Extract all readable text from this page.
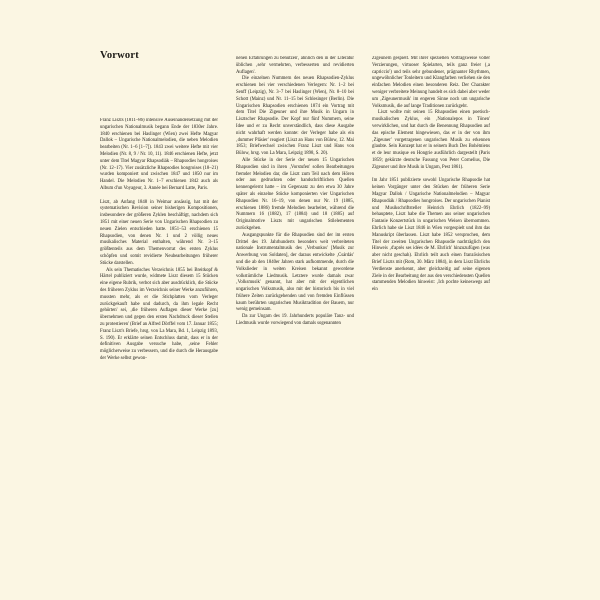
Vorwort

Franz Liszts (1811–86) intensive Auseinandersetzung mit der ungarischen Nationalmusik begann Ende der 1830er Jahre. 1840 erschienen bei Haslinger (Wien) zwei Hefte Magyar Dallok – Ungarische Nationalmelodien, die neben Melodien bearbeiten (Nr. 1–6 [1–7]). 1843 zwei weitere Hefte mit vier Melodien (Nr. 8, 9 / Nr. 10, 11). 1846 erschienen Hefte, jetzt unter dem Titel Magyar Rhapsodiák – Rhapsodies hongroises (Nr. 12–17). Vier zusätzliche Rhapsodies hongroises (18–21) wurden komponiert und zwischen 1847 und 1850 nur im Handel. Die Melodien Nr. 1–7 erschienen 1842 auch als Album d'un Voyageur, 3. Année bei Bernard Latte, Paris.

Liszt, ab Anfang 1848 in Weimar ansässig, hat mit der systematischen Revision seiner bisherigen Kompositionen, insbesondere der größeren Zyklen beschäftigt, nachdem sich 1851 mit einer neuen Serie von Ungarischen Rhapsodien zu neuen Zielen entschieden hatte. 1851–53 erschienen 15 Rhapsodien, von denen Nr. 1 und 2 völlig neues musikalisches Material enthalten, während Nr. 3–15 größtenteils aus dem Themenvorrat des ersten Zyklus schöpfen und somit revidierte Neubearbeitungen früherer Stücke darstellen.

Als sein Thematisches Verzeichnis 1855 bei Breitkopf & Härtel publiziert wurde, widmete Liszt diesem 15 Stücken eine eigene Rubrik, verbot sich aber ausdrücklich, die Stücke des früheren Zyklus im Verzeichnis seiner Werke anzuführen, mussten mehr, als er die Stichplatten vom Verleger zurückgekauft habe und dadurch, da ihm legale Recht gehörten' sei, ‚die früheren Auflagen dieser Werke [zu] übernehmen und gegen den ersten Nachdruck dieser Stellen zu protestieren' (Brief an Alfred Dörffel vom 17. Januar 1855; Franz Liszt's Briefe, hrsg. von La Mara, Bd. 1, Leipzig 1893, S. 190). Er erklärte seinen Entschluss damit, dass er in der definitiven Ausgabe versuche habe, ‚seine Fehler möglicherweise zu verbessern, und die durch die Herausgabe der Werke selbst gewon-

nenen Erfahrungen zu benutzen', ähnlich den in der Literatur üblichen ‚sehr vermehrten, verbesserten und revidierten Auflagen'.

Die einzelnen Nummern des neuen Rhapsodien-Zyklus erschienen bei vier verschiedenen Verlegern: Nr. 1–2 bei Senff (Leipzig), Nr. 3–7 bei Haslinger (Wien), Nr. 8–10 bei Schott (Mainz) und Nr. 11–15 bei Schlesinger (Berlin). Die Ungarischen Rhapsodien erschienen 1874 ein Vortrag mit dem Titel Die Zigeuner und ihre Musik in Ungarn in Lisztscher Rhapsodie. Der Kopf nur fünf Nummern, seine Idee und er zu Recht unverständlich, dass diese Ausgabe nicht wahrhaft werden konnte: der Verleger habe als ein ‚dummer Pläsier' reagiert (Liszt an Hans von Bülow, 12. Mai 1853; Briefwechsel zwischen Franz Liszt und Hans von Bülow, hrsg. von La Mara, Leipzig 1898, S. 20).

Alle Stücke in der Serie der neuen 15 Ungarischen Rhapsodien sind in ihren ‚Vorstufen' sollen Bearbeitungen fremder Melodien dar, die Liszt zum Teil nach dem Hören oder aus gedruckten oder handschriftlichen Quellen kennengelernt hatte – im Gegensatz zu den etwa 30 Jahre später als einzelne Stücke komponierten vier Ungarischen Rhapsodien Nr. 16–19, von denen nur Nr. 19 (1885, erschienen 1886) fremde Melodien bearbeitet, während die Nummern 16 (1882), 17 (1884) und 18 (1885) auf Originalmotive Liszts mit ungarischen Stilelementen zurückgehen.

Ausgangspunkte für die Rhapsodien sind der im ersten Drittel des 19. Jahrhunderts besonders weit verbreiteten nationale Instrumentalmusik des ‚Verbunkos' [Musik zur Anwerbung von Soldaten], der daraus entwickelte ‚Csárdás' und die ab den 1840er Jahren stark aufkommende, durch die Volkslieder in weiten Kreisen bekannt gewordene volkstümliche Liedmusik. Letztere wurde damals zwar ‚Volksmusik' genannt, hat aber mit der eigentlichen ungarischen Volksmusik, also mit der historisch bis in viel frühere Zeiten zurückgehenden und von fremden Einflüssen kaum berührten ungarischen Musiktradition der Bauern, nur wenig gemeinsam.

Da zur Ungarn des 19. Jahrhunderts populäre Tanz- und Liedmusik wurde vorwiegend von damals sogenannten

Zigeunern gespielt. Mit ihrer speziellen Vortragsweise voller Verzierungen, virtuoser Spielarten, teils ganz freier (‚a capriccio') und teils sehr gebundener, prägnanter Rhythmen, ungewöhnlicher Tonleitern und Klangfarben verliehen sie den einfachen Melodien einen besonderen Reiz. Der Charakter weniger verbreitete Meinung handelt es sich dabei aber weder um ‚Zigeunermusik' im engeren Sinne noch um ungarische Volksmusik, die auf lange Traditionen zurückgeht.

Liszt wollte mit seinen 15 Rhapsodien einen poetisch-musikalischen Zyklus, ein ‚Nationalepos in Tönen' verwirklichen, und hat durch die Benennung Rhapsodien auf das epische Element hingewiesen, das er in der von ihm ‚Zigeuner' vorgetragenen ungarischen Musik zu erkennen glaubte. Sein Konzept hat er in seinem Buch Des Bohémiens et de leur musique en Hongrie ausführlich dargestellt (Paris 1859; gekürzte deutsche Fassung von Peter Cornelius, Die Zigeuner und ihre Musik in Ungarn, Pest 1861).

Im Jahr 1851 publizierte sowohl Ungarische Rhapsodie hat keinen Vorgänger unter den Stücken der früheren Serie Magyar Dallok / Ungarische Nationalmelodien – Magyar Rhapsodiák / Rhapsodies hongroises. Der ungarischen Pianist und Musikschriftsteller Heinrich Ehrlich (1822–99) behauptete, Liszt habe die Themen aus seiner ungarischen Fantasie Konzertstück in ungarischen Weisen übernommen. Ehrlich habe sie Liszt 1846 in Wien vorgespielt und ihm das Manuskript überlassen. Liszt habe 1852 versprochen, dem Titel der zweiten Ungarischen Rhapsodie nachträglich den Hinweis ‚d'après ses idées de M. Ehrlich' hinzuzufügen (was aber nicht geschah). Ehrlich teilt auch einen französischen Brief Liszts mit (Rom, 30. März 1884), in dem Liszt Ehrlichs Verdienste anerkennt, aber gleichzeitig auf seine eigenen Ziele in der Bearbeitung der aus den verschiedensten Quellen stammenden Melodien hinweist: ‚Ich pochte keineswegs auf ein
